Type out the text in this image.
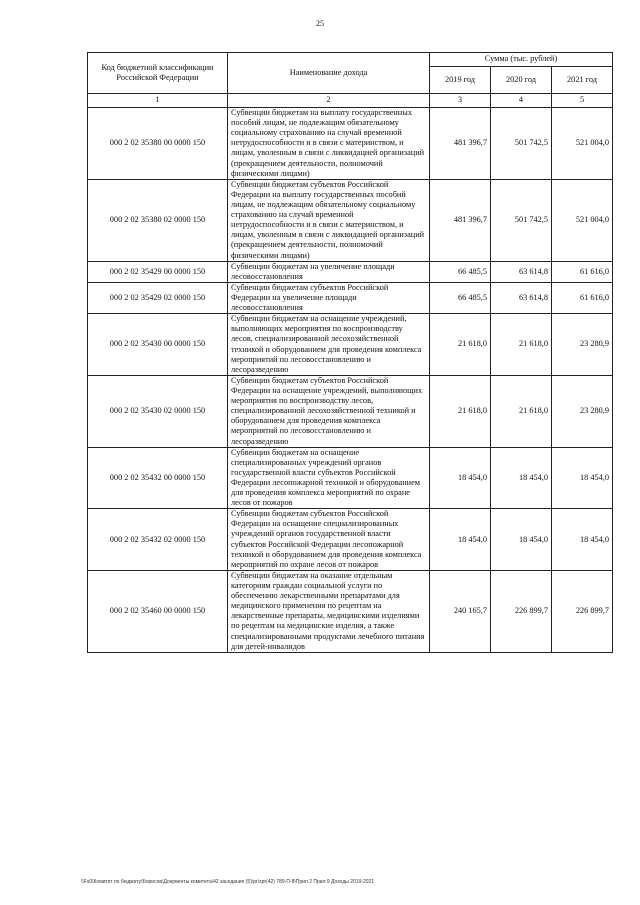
25
Код бюджетной классификации Российской Федерации	Наименование дохода	Сумма (тыс. рублей)		
		2019 год	2020 год	2021 год
1	2	3	4	5
000 2 02 35380 00 0000 150	Субвенции бюджетам на выплату государственных пособий лицам, не подлежащим обязательному социальному страхованию на случай временной нетрудоспособности и в связи с материнством, и лицам, уволенным в связи с ликвидацией организаций (прекращением деятельности, полномочий физическими лицами)	481 396,7	501 742,5	521 004,0
000 2 02 35380 02 0000 150	Субвенции бюджетам субъектов Российской Федерации на выплату государственных пособий лицам, не подлежащим обязательному социальному страхованию на случай временной нетрудоспособности и в связи с материнством, и лицам, уволенным в связи с ликвидацией организаций (прекращением деятельности, полномочий физическими лицами)	481 396,7	501 742,5	521 004,0
000 2 02 35429 00 0000 150	Субвенции бюджетам на увеличение площади лесовосстановления	66 485,5	63 614,8	61 616,0
000 2 02 35429 02 0000 150	Субвенции бюджетам субъектов Российской Федерации на увеличение площади лесовосстановления	66 485,5	63 614,8	61 616,0
000 2 02 35430 00 0000 150	Субвенции бюджетам на оснащение учреждений, выполняющих мероприятия по воспроизводству лесов, специализированной лесохозяйственной техникой и оборудованием для проведения комплекса мероприятий по лесовосстановлению и лесоразведению	21 618,0	21 618,0	23 280,9
000 2 02 35430 02 0000 150	Субвенции бюджетам субъектов Российской Федерации на оснащение учреждений, выполняющих мероприятия по воспроизводству лесов, специализированной лесохозяйственной техникой и оборудованием для проведения комплекса мероприятий по лесовосстановлению и лесоразведению	21 618,0	21 618,0	23 280,9
000 2 02 35432 00 0000 150	Субвенции бюджетам на оснащение специализированных учреждений органов государственной власти субъектов Российской Федерации лесопожарной техникой и оборудованием для проведения комплекса мероприятий по охране лесов от пожаров	18 454,0	18 454,0	18 454,0
000 2 02 35432 02 0000 150	Субвенции бюджетам субъектов Российской Федерации на оснащение специализированных учреждений органов государственной власти субъектов Российской Федерации лесопожарной техникой и оборудованием для проведения комплекса мероприятий по охране лесов от пожаров	18 454,0	18 454,0	18 454,0
000 2 02 35460 00 0000 150	Субвенции бюджетам на оказание отдельным категориям граждан социальной услуги по обеспечению лекарственными препаратами для медицинского применения по рецептам на лекарственные препараты, медицинскими изделиями по рецептам на медицинские изделия, а также специализированными продуктами лечебного питания для детей-инвалидов	240 165,7	226 899,7	226 899,7
\\Fs0\Комитет по бюджету\Борисов\Документы комитета\42 заседание (5)\pr\zpr(42) 789-П-8\Прил 2 Прил 9 Доходы 2019-2021
